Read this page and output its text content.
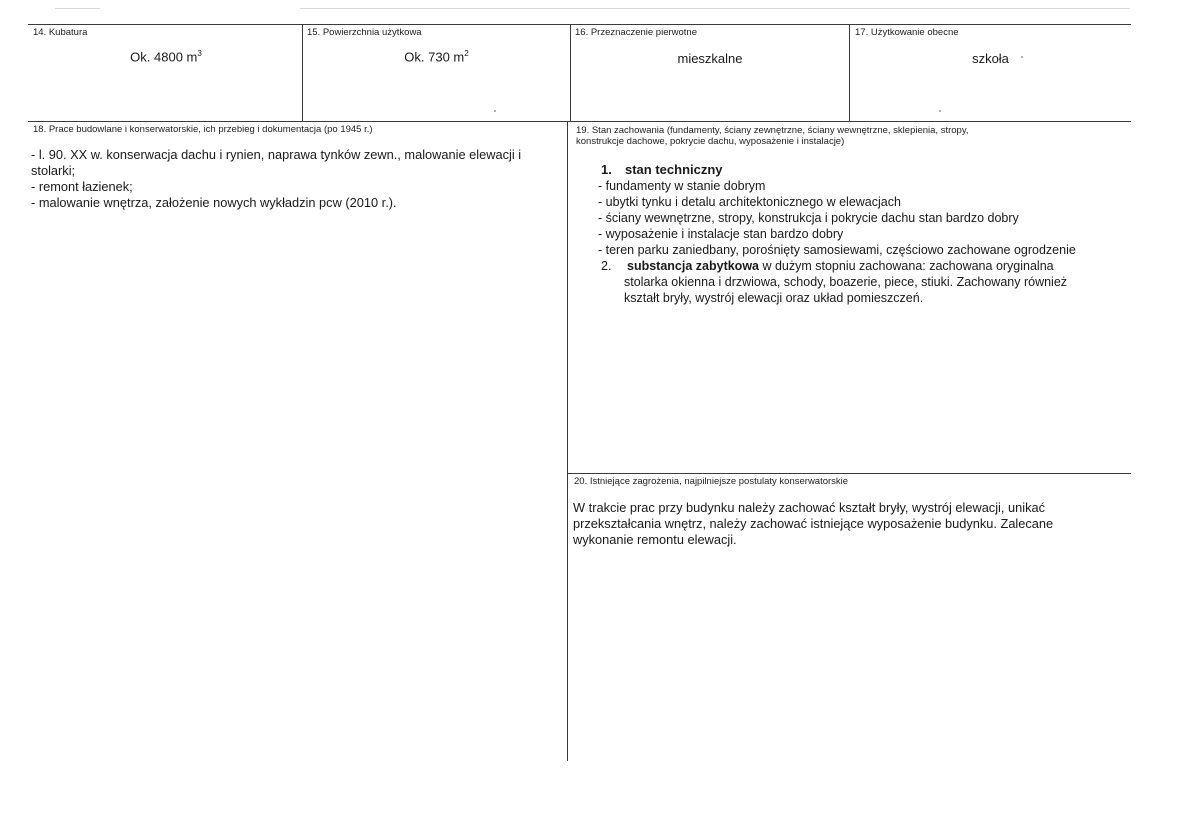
14. Kubatura
Ok. 4800 $m^3$
15. Powierzchnia użytkowa
Ok. 730 $m^2$
16. Przeznaczenie pierwotne
mieszkalne
17. Użytkowanie obecne
szkoła
18. Prace budowlane i konserwatorskie, ich przebieg i dokumentacja (po 1945 r.)
- l. 90. XX w. konserwacja dachu i rynien, naprawa tynków zewn., malowanie elewacji i
stolarki;
- remont łazienek;
- malowanie wnętrza, założenie nowych wykładzin pcw (2010 r.).
19. Stan zachowania (fundamenty, ściany zewnętrzne, ściany wewnętrzne, sklepienia, stropy,
konstrukcje dachowe, pokrycie dachu, wyposażenie i instalacje)
1. stan techniczny
- fundamenty w stanie dobrym
- ubytki tynku i detalu architektonicznego w elewacjach
- ściany wewnętrzne, stropy, konstrukcja i pokrycie dachu stan bardzo dobry
- wyposażenie i instalacje stan bardzo dobry
- teren parku zaniedbany, porośnięty samosiewami, częściowo zachowane ogrodzenie
2. substancja zabytkowa w dużym stopniu zachowana: zachowana oryginalna
stolarka okienna i drzwiowa, schody, boazerie, piece, stiuki. Zachowany również
kształt bryły, wystrój elewacji oraz układ pomieszczeń.
20. Istniejące zagrożenia, najpilniejsze postulaty konserwatorskie
W trakcie prac przy budynku należy zachować kształt bryły, wystrój elewacji, unikać
przekształcania wnętrz, należy zachować istniejące wyposażenie budynku. Zalecane
wykonanie remontu elewacji.
